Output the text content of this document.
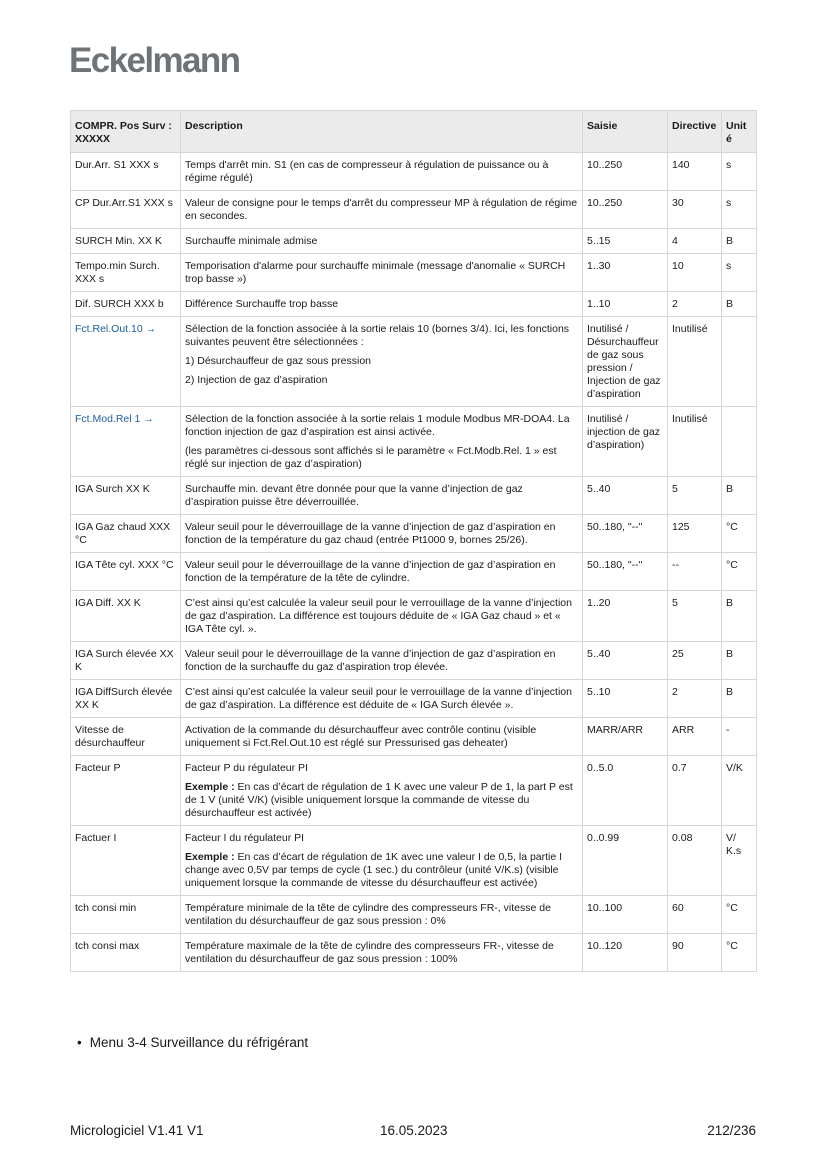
Eckelmann
COMPR. Pos Surv : XXXXX	Description	Saisie	Directive	Unité
Dur.Arr. S1 XXX s	Temps d'arrêt min. S1 (en cas de compresseur à régulation de puissance ou à régime régulé)	10..250	140	s
CP Dur.Arr.S1 XXX s	Valeur de consigne pour le temps d'arrêt du compresseur MP à régulation de régime en secondes.	10..250	30	s
SURCH Min. XX K	Surchauffe minimale admise	5..15	4	B
Tempo.min Surch. XXX s	Temporisation d'alarme pour surchauffe minimale (message d'anomalie « SURCH trop basse »)	1..30	10	s
Dif. SURCH XXX b	Différence Surchauffe trop basse	1..10	2	B
Fct.Rel.Out.10 →	Sélection de la fonction associée à la sortie relais 10 (bornes 3/4). Ici, les fonctions suivantes peuvent être sélectionnées :
1) Désurchauffeur de gaz sous pression
2) Injection de gaz d’aspiration	Inutilisé / Désurchauffeur de gaz sous pression / Injection de gaz d’aspiration	Inutilisé	
Fct.Mod.Rel 1 →	Sélection de la fonction associée à la sortie relais 1 module Modbus MR-DOA4. La fonction injection de gaz d’aspiration est ainsi activée.
(les paramètres ci-dessous sont affichés si le paramètre « Fct.Modb.Rel. 1 » est réglé sur injection de gaz d’aspiration)	Inutilisé / injection de gaz d’aspiration)	Inutilisé	
IGA Surch XX K	Surchauffe min. devant être donnée pour que la vanne d’injection de gaz d’aspiration puisse être déverrouillée.	5..40	5	B
IGA Gaz chaud XXX °C	Valeur seuil pour le déverrouillage de la vanne d’injection de gaz d’aspiration en fonction de la température du gaz chaud (entrée Pt1000 9, bornes 25/26).	50..180, "--"	125	°C
IGA Tête cyl. XXX °C	Valeur seuil pour le déverrouillage de la vanne d’injection de gaz d’aspiration en fonction de la température de la tête de cylindre.	50..180, "--"	--	°C
IGA Diff. XX K	C’est ainsi qu’est calculée la valeur seuil pour le verrouillage de la vanne d’injection de gaz d’aspiration. La différence est toujours déduite de « IGA Gaz chaud » et « IGA Tête cyl. ».	1..20	5	B
IGA Surch élevée XX K	Valeur seuil pour le déverrouillage de la vanne d’injection de gaz d’aspiration en fonction de la surchauffe du gaz d’aspiration trop élevée.	5..40	25	B
IGA DiffSurch élevée XX K	C’est ainsi qu’est calculée la valeur seuil pour le verrouillage de la vanne d’injection de gaz d’aspiration. La différence est déduite de « IGA Surch élevée ».	5..10	2	B
Vitesse de désurchauffeur	Activation de la commande du désurchauffeur avec contrôle continu (visible uniquement si Fct.Rel.Out.10 est réglé sur Pressurised gas deheater)	MARR/ARR	ARR	-
Facteur P	Facteur P du régulateur PI
Exemple : En cas d’écart de régulation de 1 K avec une valeur P de 1, la part P est de 1 V (unité V/K) (visible uniquement lorsque la commande de vitesse du désurchauffeur est activée)	0..5.0	0.7	V/K
Factuer I	Facteur I du régulateur PI
Exemple : En cas d’écart de régulation de 1K avec une valeur I de 0,5, la partie I change avec 0,5V par temps de cycle (1 sec.) du contrôleur (unité V/K.s) (visible uniquement lorsque la commande de vitesse du désurchauffeur est activée)	0..0.99	0.08	V/ K.s
tch consi min	Température minimale de la tête de cylindre des compresseurs FR-, vitesse de ventilation du désurchauffeur de gaz sous pression : 0%	10..100	60	°C
tch consi max	Température maximale de la tête de cylindre des compresseurs FR-, vitesse de ventilation du désurchauffeur de gaz sous pression : 100%	10..120	90	°C
• Menu 3-4 Surveillance du réfrigérant
Micrologiciel V1.41 V1	16.05.2023	212/236
